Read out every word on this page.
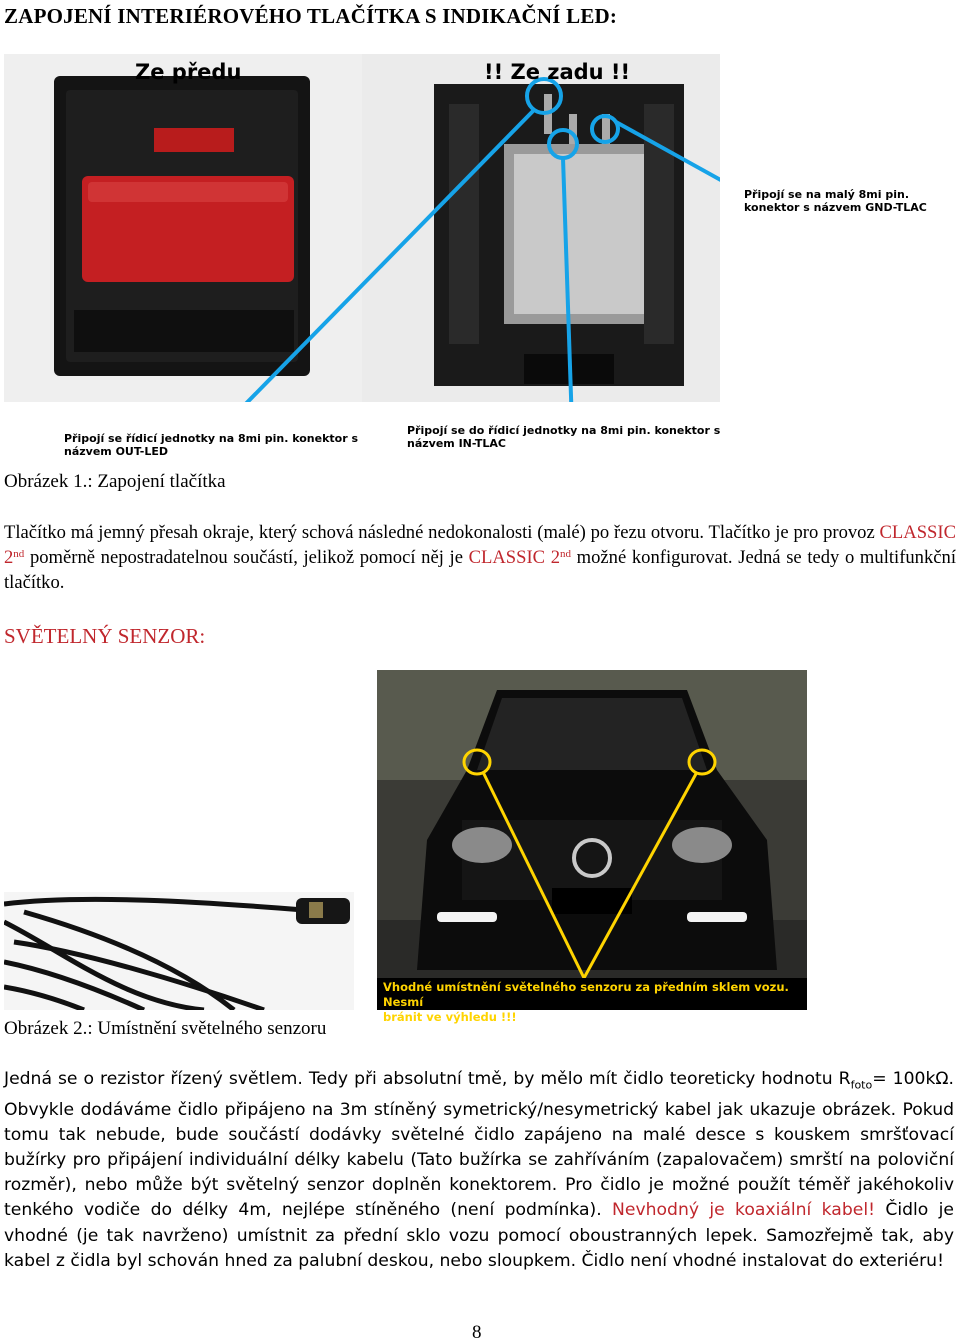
ZAPOJENÍ INTERIÉROVÉHO TLAČÍTKA S INDIKAČNÍ LED:
Ze předu	!! Ze zadu !!
Připojí se na malý 8mi pin.
konektor s názvem GND-TLAC
Připojí se řídicí jednotky na 8mi pin. konektor s
názvem OUT-LED
Připojí se do řídicí jednotky na 8mi pin. konektor s
názvem IN-TLAC
Obrázek 1.: Zapojení tlačítka
Tlačítko má jemný přesah okraje, který schová následné nedokonalosti (malé) po řezu otvoru. Tlačítko je pro provoz CLASSIC 2nd poměrně nepostradatelnou součástí, jelikož pomocí něj je CLASSIC 2nd možné konfigurovat. Jedná se tedy o multifunkční tlačítko.
SVĚTELNÝ SENZOR:
Vhodné umístnění světelného senzoru za předním sklem vozu. Nesmí
bránit ve výhledu !!!
Obrázek 2.: Umístnění světelného senzoru
Jedná se o rezistor řízený světlem. Tedy při absolutní tmě, by mělo mít čidlo teoreticky hodnotu $R_{foto}= 100k\Omega$. Obvykle dodáváme čidlo připájeno na 3m stíněný symetrický/nesymetrický kabel jak ukazuje obrázek. Pokud tomu tak nebude, bude součástí dodávky světelné čidlo zapájeno na malé desce s kouskem smršťovací bužírky pro připájení individuální délky kabelu (Tato bužírka se zahříváním (zapalovačem) smrští na poloviční rozměr), nebo může být světelný senzor doplněn konektorem. Pro čidlo je možné použít téměř jakéhokoliv tenkého vodiče do délky 4m, nejlépe stíněného (není podmínka). Nevhodný je koaxiální kabel! Čidlo je vhodné (je tak navrženo) umístnit za přední sklo vozu pomocí oboustranných lepek. Samozřejmě tak, aby kabel z čidla byl schován hned za palubní deskou, nebo sloupkem. Čidlo není vhodné instalovat do exteriéru!
8
